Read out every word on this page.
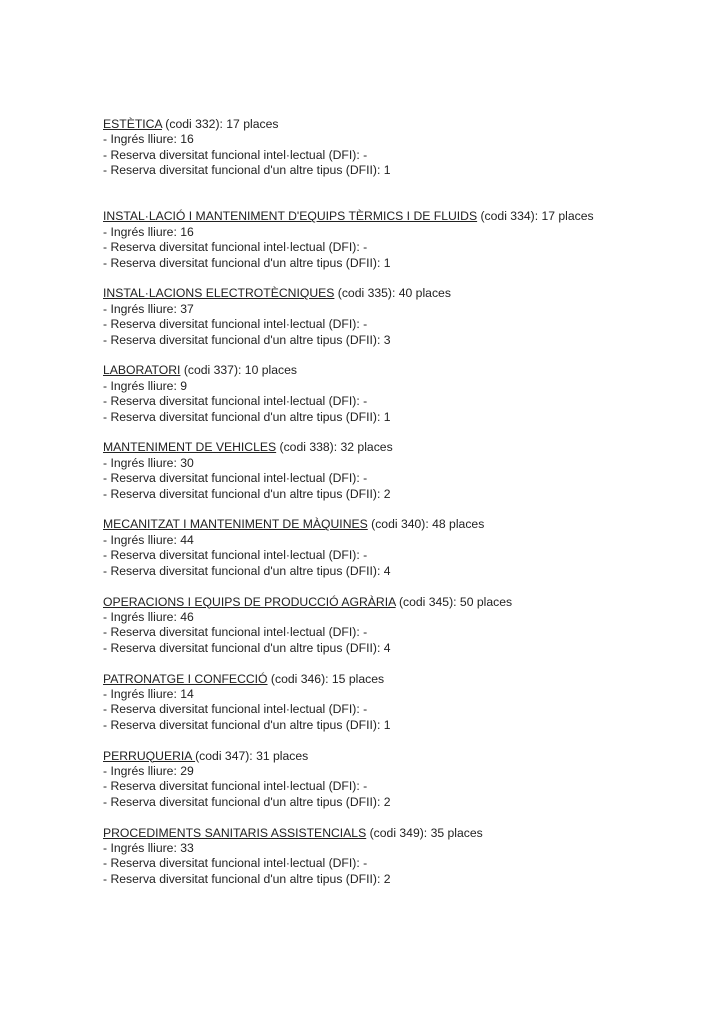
ESTÈTICA (codi 332): 17 places
- Ingrés lliure: 16
- Reserva diversitat funcional intel·lectual (DFI): -
- Reserva diversitat funcional d'un altre tipus (DFII): 1
INSTAL·LACIÓ I MANTENIMENT D'EQUIPS TÈRMICS I DE FLUIDS (codi 334): 17 places
- Ingrés lliure: 16
- Reserva diversitat funcional intel·lectual (DFI): -
- Reserva diversitat funcional d'un altre tipus (DFII): 1
INSTAL·LACIONS ELECTROTÈCNIQUES (codi 335): 40 places
- Ingrés lliure: 37
- Reserva diversitat funcional intel·lectual (DFI): -
- Reserva diversitat funcional d'un altre tipus (DFII): 3
LABORATORI (codi 337): 10 places
- Ingrés lliure: 9
- Reserva diversitat funcional intel·lectual (DFI): -
- Reserva diversitat funcional d'un altre tipus (DFII): 1
MANTENIMENT DE VEHICLES (codi 338): 32 places
- Ingrés lliure: 30
- Reserva diversitat funcional intel·lectual (DFI): -
- Reserva diversitat funcional d'un altre tipus (DFII): 2
MECANITZAT I MANTENIMENT DE MÀQUINES (codi 340): 48 places
- Ingrés lliure: 44
- Reserva diversitat funcional intel·lectual (DFI): -
- Reserva diversitat funcional d'un altre tipus (DFII): 4
OPERACIONS I EQUIPS DE PRODUCCIÓ AGRÀRIA (codi 345): 50 places
- Ingrés lliure: 46
- Reserva diversitat funcional intel·lectual (DFI): -
- Reserva diversitat funcional d'un altre tipus (DFII): 4
PATRONATGE I CONFECCIÓ (codi 346): 15 places
- Ingrés lliure: 14
- Reserva diversitat funcional intel·lectual (DFI): -
- Reserva diversitat funcional d'un altre tipus (DFII): 1
PERRUQUERIA (codi 347): 31 places
- Ingrés lliure: 29
- Reserva diversitat funcional intel·lectual (DFI): -
- Reserva diversitat funcional d'un altre tipus (DFII): 2
PROCEDIMENTS SANITARIS ASSISTENCIALS (codi 349): 35 places
- Ingrés lliure: 33
- Reserva diversitat funcional intel·lectual (DFI): -
- Reserva diversitat funcional d'un altre tipus (DFII): 2
